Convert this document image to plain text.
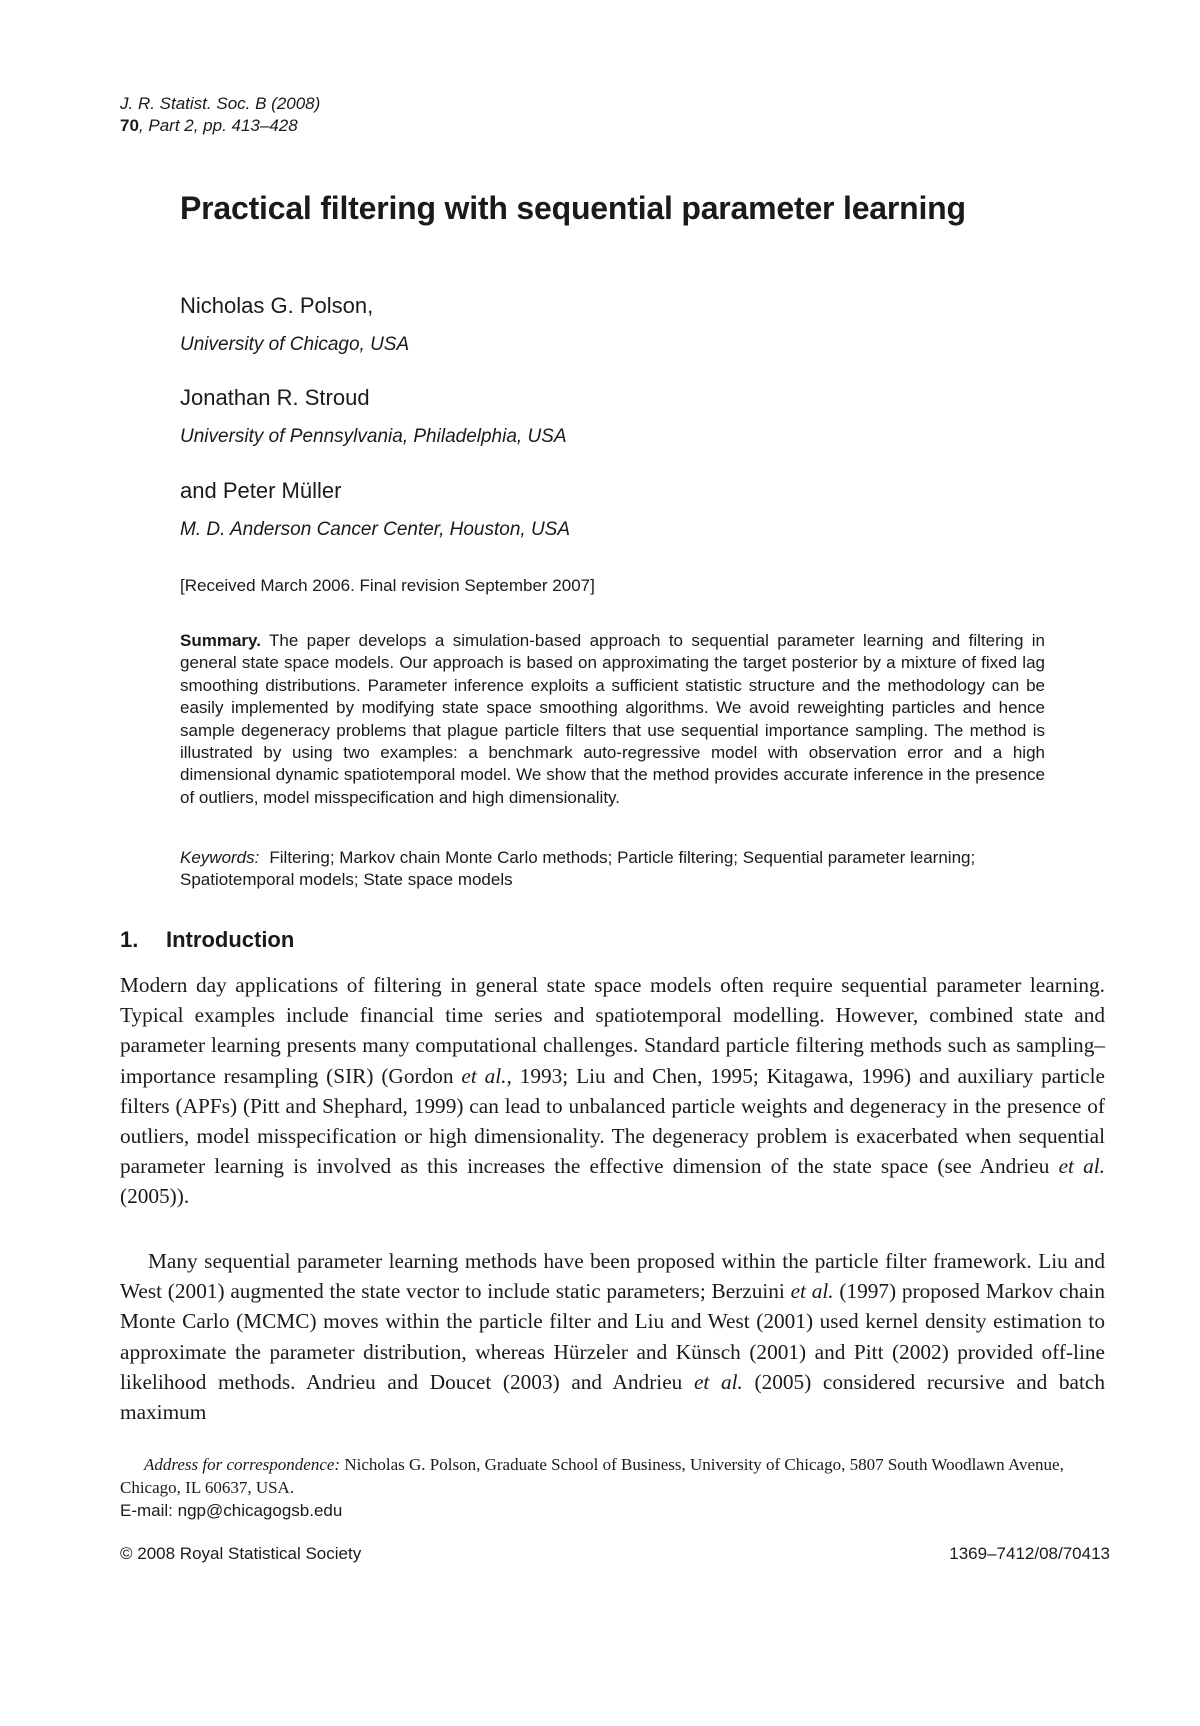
J. R. Statist. Soc. B (2008)
70, Part 2, pp. 413–428
Practical filtering with sequential parameter learning

Nicholas G. Polson,

University of Chicago, USA

Jonathan R. Stroud

University of Pennsylvania, Philadelphia, USA

and Peter Müller

M. D. Anderson Cancer Center, Houston, USA

[Received March 2006. Final revision September 2007]

Summary. The paper develops a simulation-based approach to sequential parameter learning and filtering in general state space models. Our approach is based on approximating the target posterior by a mixture of fixed lag smoothing distributions. Parameter inference exploits a sufficient statistic structure and the methodology can be easily implemented by modifying state space smoothing algorithms. We avoid reweighting particles and hence sample degeneracy problems that plague particle filters that use sequential importance sampling. The method is illustrated by using two examples: a benchmark auto-regressive model with observation error and a high dimensional dynamic spatiotemporal model. We show that the method provides accurate inference in the presence of outliers, model misspecification and high dimensionality.

Keywords: Filtering; Markov chain Monte Carlo methods; Particle filtering; Sequential parameter learning; Spatiotemporal models; State space models

1. Introduction

Modern day applications of filtering in general state space models often require sequential parameter learning. Typical examples include financial time series and spatiotemporal modelling. However, combined state and parameter learning presents many computational challenges. Standard particle filtering methods such as sampling–importance resampling (SIR) (Gordon et al., 1993; Liu and Chen, 1995; Kitagawa, 1996) and auxiliary particle filters (APFs) (Pitt and Shephard, 1999) can lead to unbalanced particle weights and degeneracy in the presence of outliers, model misspecification or high dimensionality. The degeneracy problem is exacerbated when sequential parameter learning is involved as this increases the effective dimension of the state space (see Andrieu et al. (2005)).

Many sequential parameter learning methods have been proposed within the particle filter framework. Liu and West (2001) augmented the state vector to include static parameters; Berzuini et al. (1997) proposed Markov chain Monte Carlo (MCMC) moves within the particle filter and Liu and West (2001) used kernel density estimation to approximate the parameter distribution, whereas Hürzeler and Künsch (2001) and Pitt (2002) provided off-line likelihood methods. Andrieu and Doucet (2003) and Andrieu et al. (2005) considered recursive and batch maximum

Address for correspondence: Nicholas G. Polson, Graduate School of Business, University of Chicago, 5807 South Woodlawn Avenue, Chicago, IL 60637, USA.
E-mail: ngp@chicagogsb.edu

© 2008 Royal Statistical Society	1369–7412/08/70413
